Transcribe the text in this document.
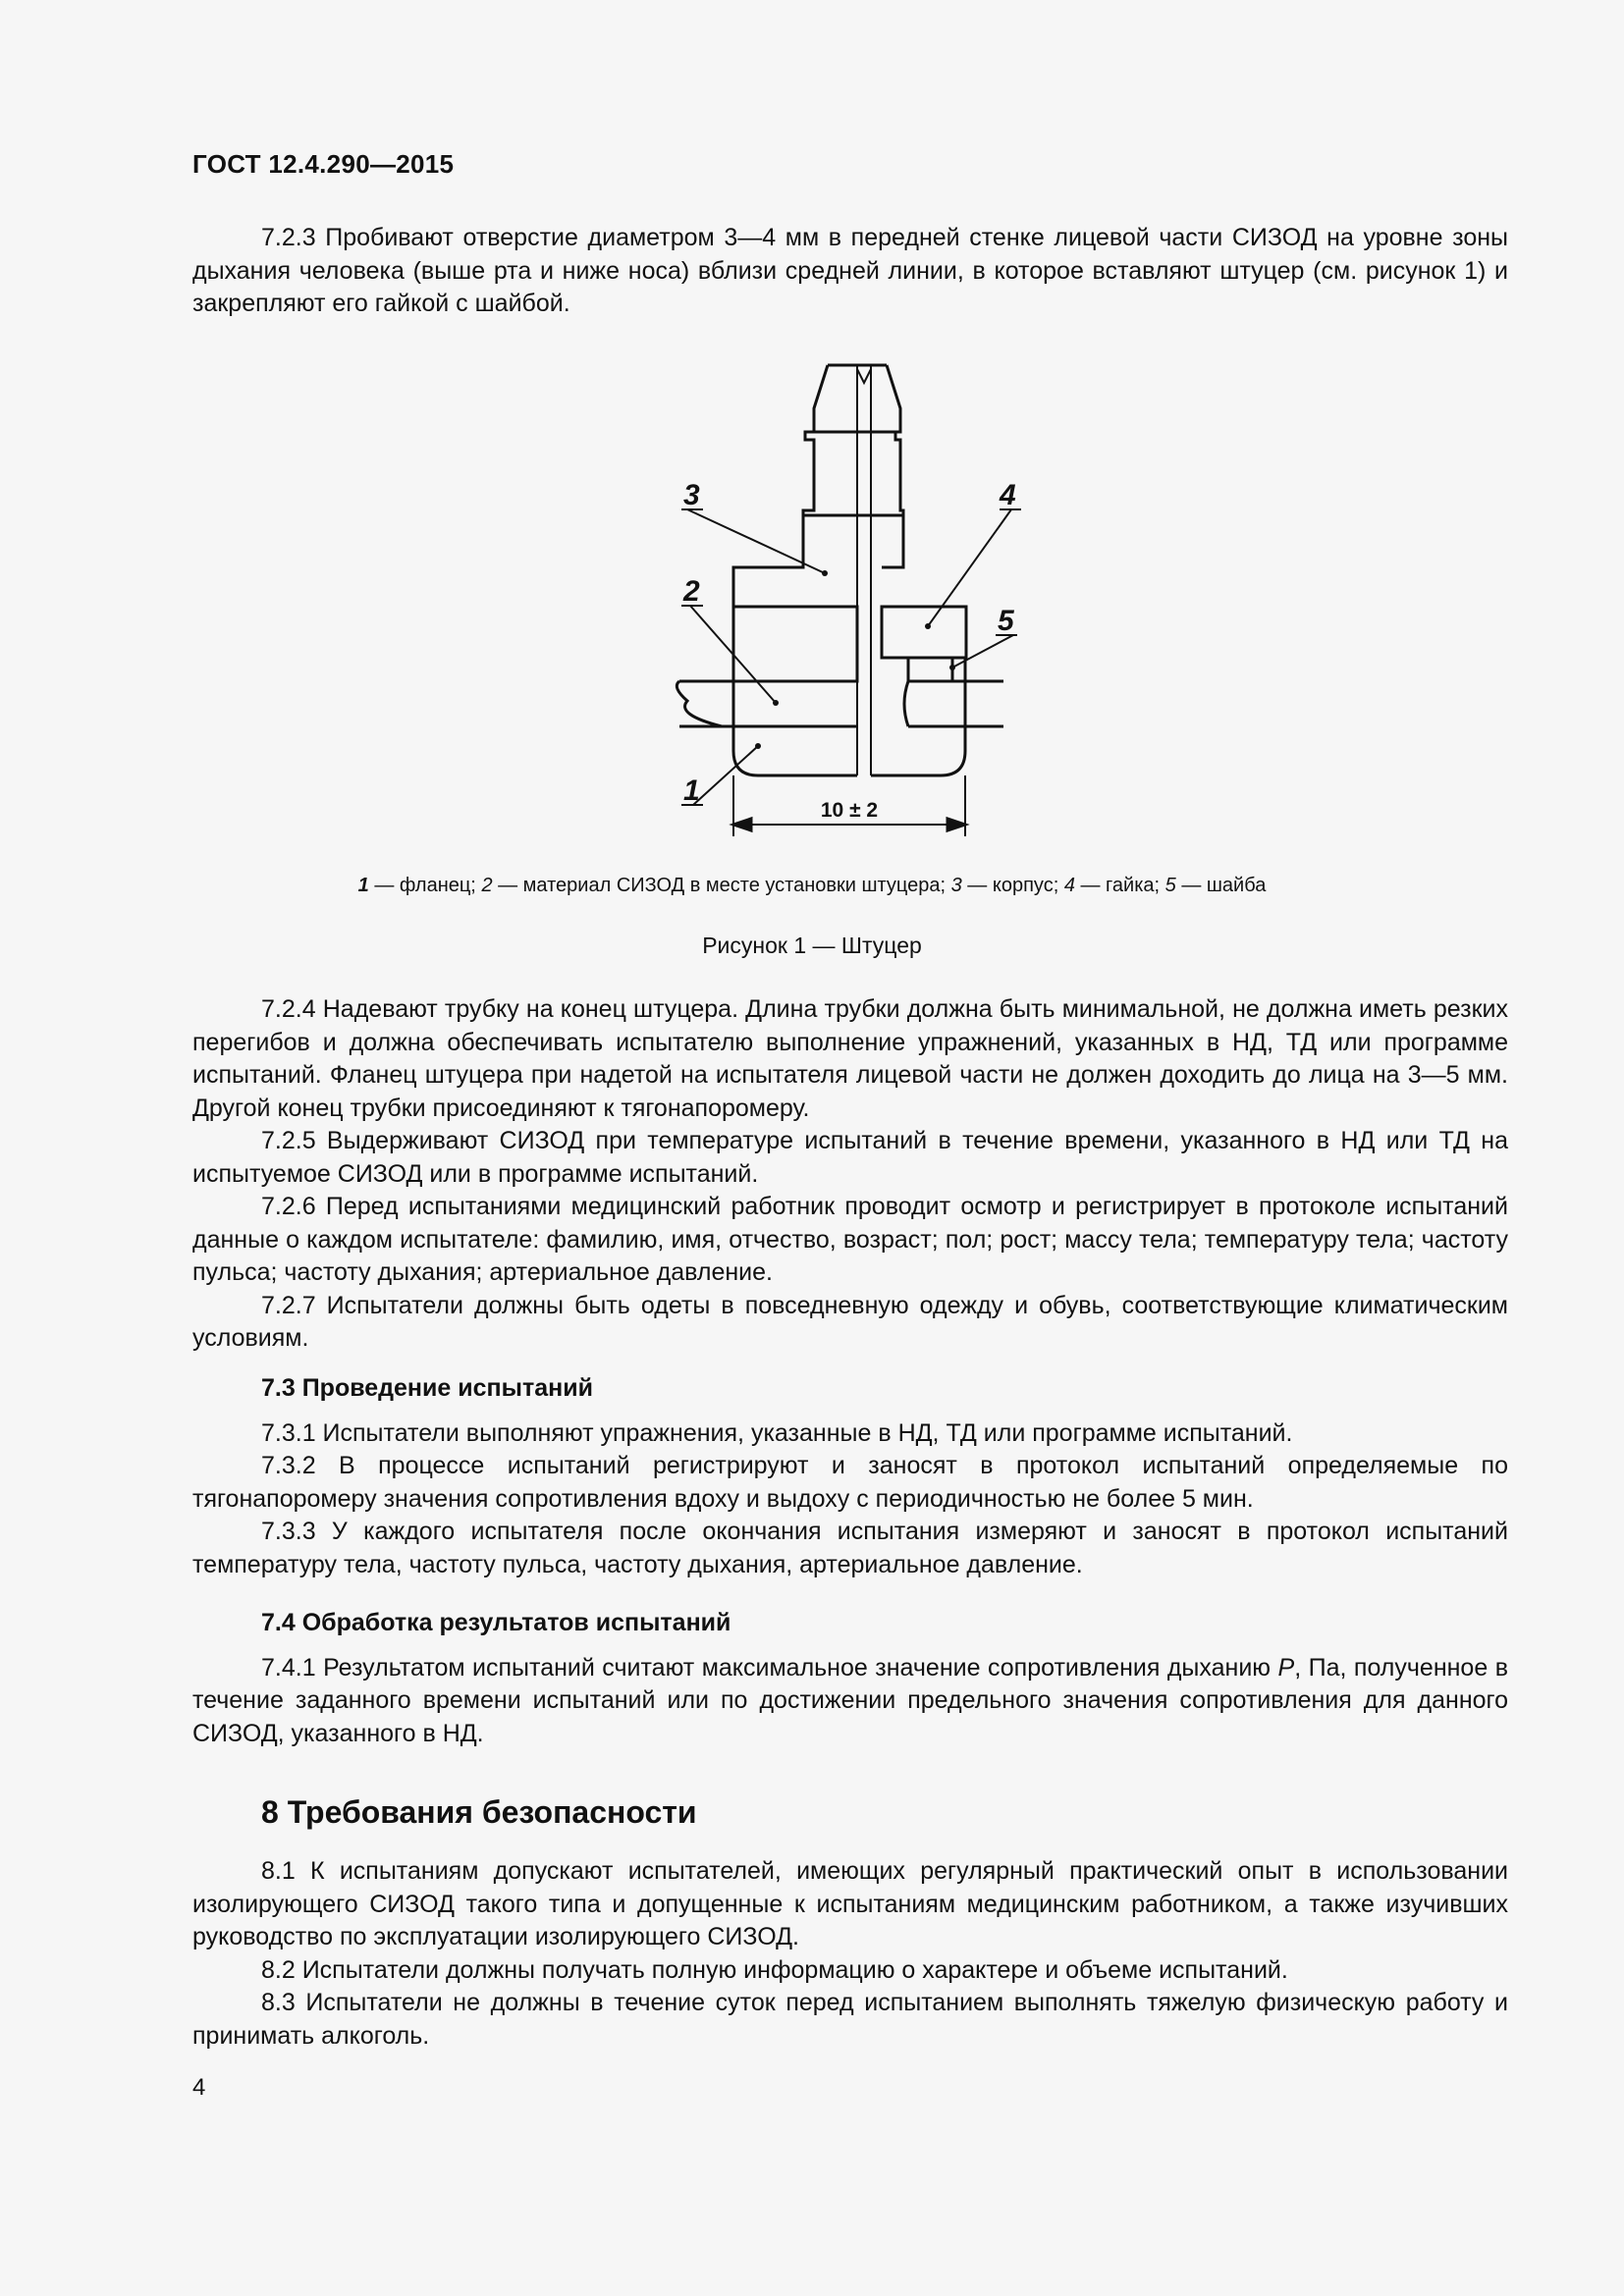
ГОСТ 12.4.290—2015

7.2.3 Пробивают отверстие диаметром 3—4 мм в передней стенке лицевой части СИЗОД на уровне зоны дыхания человека (выше рта и ниже носа) вблизи средней линии, в которое вставляют штуцер (см. рисунок 1) и закрепляют его гайкой с шайбой.

3	4
2
5
1
10 ± 2
1 — фланец; 2 — материал СИЗОД в месте установки штуцера; 3 — корпус; 4 — гайка; 5 — шайба
Рисунок 1 — Штуцер

7.2.4 Надевают трубку на конец штуцера. Длина трубки должна быть минимальной, не должна иметь резких перегибов и должна обеспечивать испытателю выполнение упражнений, указанных в НД, ТД или программе испытаний. Фланец штуцера при надетой на испытателя лицевой части не должен доходить до лица на 3—5 мм. Другой конец трубки присоединяют к тягонапоромеру.

7.2.5 Выдерживают СИЗОД при температуре испытаний в течение времени, указанного в НД или ТД на испытуемое СИЗОД или в программе испытаний.

7.2.6 Перед испытаниями медицинский работник проводит осмотр и регистрирует в протоколе испытаний данные о каждом испытателе: фамилию, имя, отчество, возраст; пол; рост; массу тела; температуру тела; частоту пульса; частоту дыхания; артериальное давление.

7.2.7 Испытатели должны быть одеты в повседневную одежду и обувь, соответствующие климатическим условиям.

7.3 Проведение испытаний

7.3.1 Испытатели выполняют упражнения, указанные в НД, ТД или программе испытаний.

7.3.2 В процессе испытаний регистрируют и заносят в протокол испытаний определяемые по тягонапоромеру значения сопротивления вдоху и выдоху с периодичностью не более 5 мин.

7.3.3 У каждого испытателя после окончания испытания измеряют и заносят в протокол испытаний температуру тела, частоту пульса, частоту дыхания, артериальное давление.

7.4 Обработка результатов испытаний

7.4.1 Результатом испытаний считают максимальное значение сопротивления дыханию P, Па, полученное в течение заданного времени испытаний или по достижении предельного значения сопротивления для данного СИЗОД, указанного в НД.

8 Требования безопасности

8.1 К испытаниям допускают испытателей, имеющих регулярный практический опыт в использовании изолирующего СИЗОД такого типа и допущенные к испытаниям медицинским работником, а также изучивших руководство по эксплуатации изолирующего СИЗОД.

8.2 Испытатели должны получать полную информацию о характере и объеме испытаний.

8.3 Испытатели не должны в течение суток перед испытанием выполнять тяжелую физическую работу и принимать алкоголь.

4
